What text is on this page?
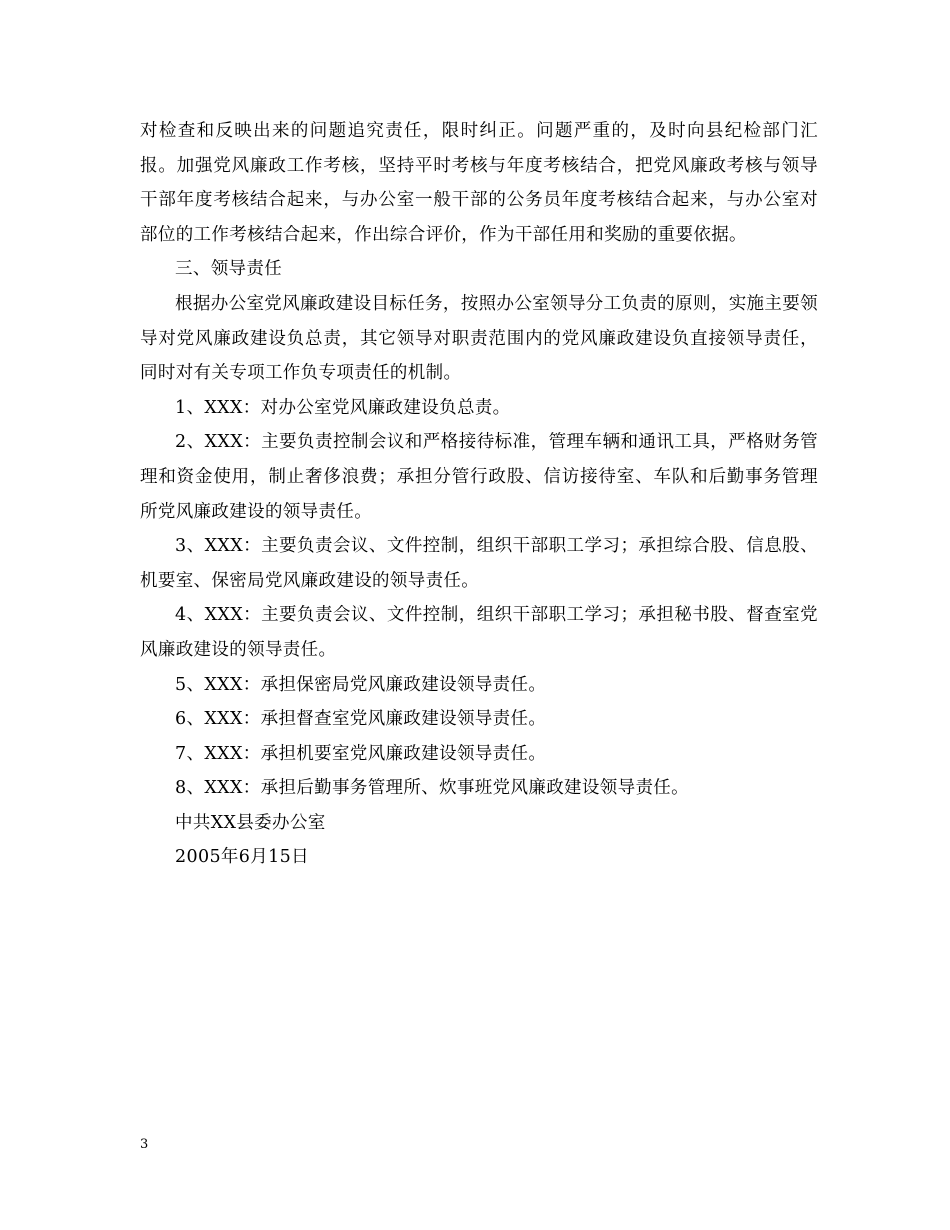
对检查和反映出来的问题追究责任，限时纠正。问题严重的，及时向县纪检部门汇报。加强党风廉政工作考核，坚持平时考核与年度考核结合，把党风廉政考核与领导干部年度考核结合起来，与办公室一般干部的公务员年度考核结合起来，与办公室对部位的工作考核结合起来，作出综合评价，作为干部任用和奖励的重要依据。

三、领导责任

根据办公室党风廉政建设目标任务，按照办公室领导分工负责的原则，实施主要领导对党风廉政建设负总责，其它领导对职责范围内的党风廉政建设负直接领导责任，同时对有关专项工作负专项责任的机制。

1、XXX：对办公室党风廉政建设负总责。

2、XXX：主要负责控制会议和严格接待标准，管理车辆和通讯工具，严格财务管理和资金使用，制止奢侈浪费；承担分管行政股、信访接待室、车队和后勤事务管理所党风廉政建设的领导责任。

3、XXX：主要负责会议、文件控制，组织干部职工学习；承担综合股、信息股、机要室、保密局党风廉政建设的领导责任。

4、XXX：主要负责会议、文件控制，组织干部职工学习；承担秘书股、督查室党风廉政建设的领导责任。

5、XXX：承担保密局党风廉政建设领导责任。

6、XXX：承担督查室党风廉政建设领导责任。

7、XXX：承担机要室党风廉政建设领导责任。

8、XXX：承担后勤事务管理所、炊事班党风廉政建设领导责任。

中共XX县委办公室

2005年6月15日

3
